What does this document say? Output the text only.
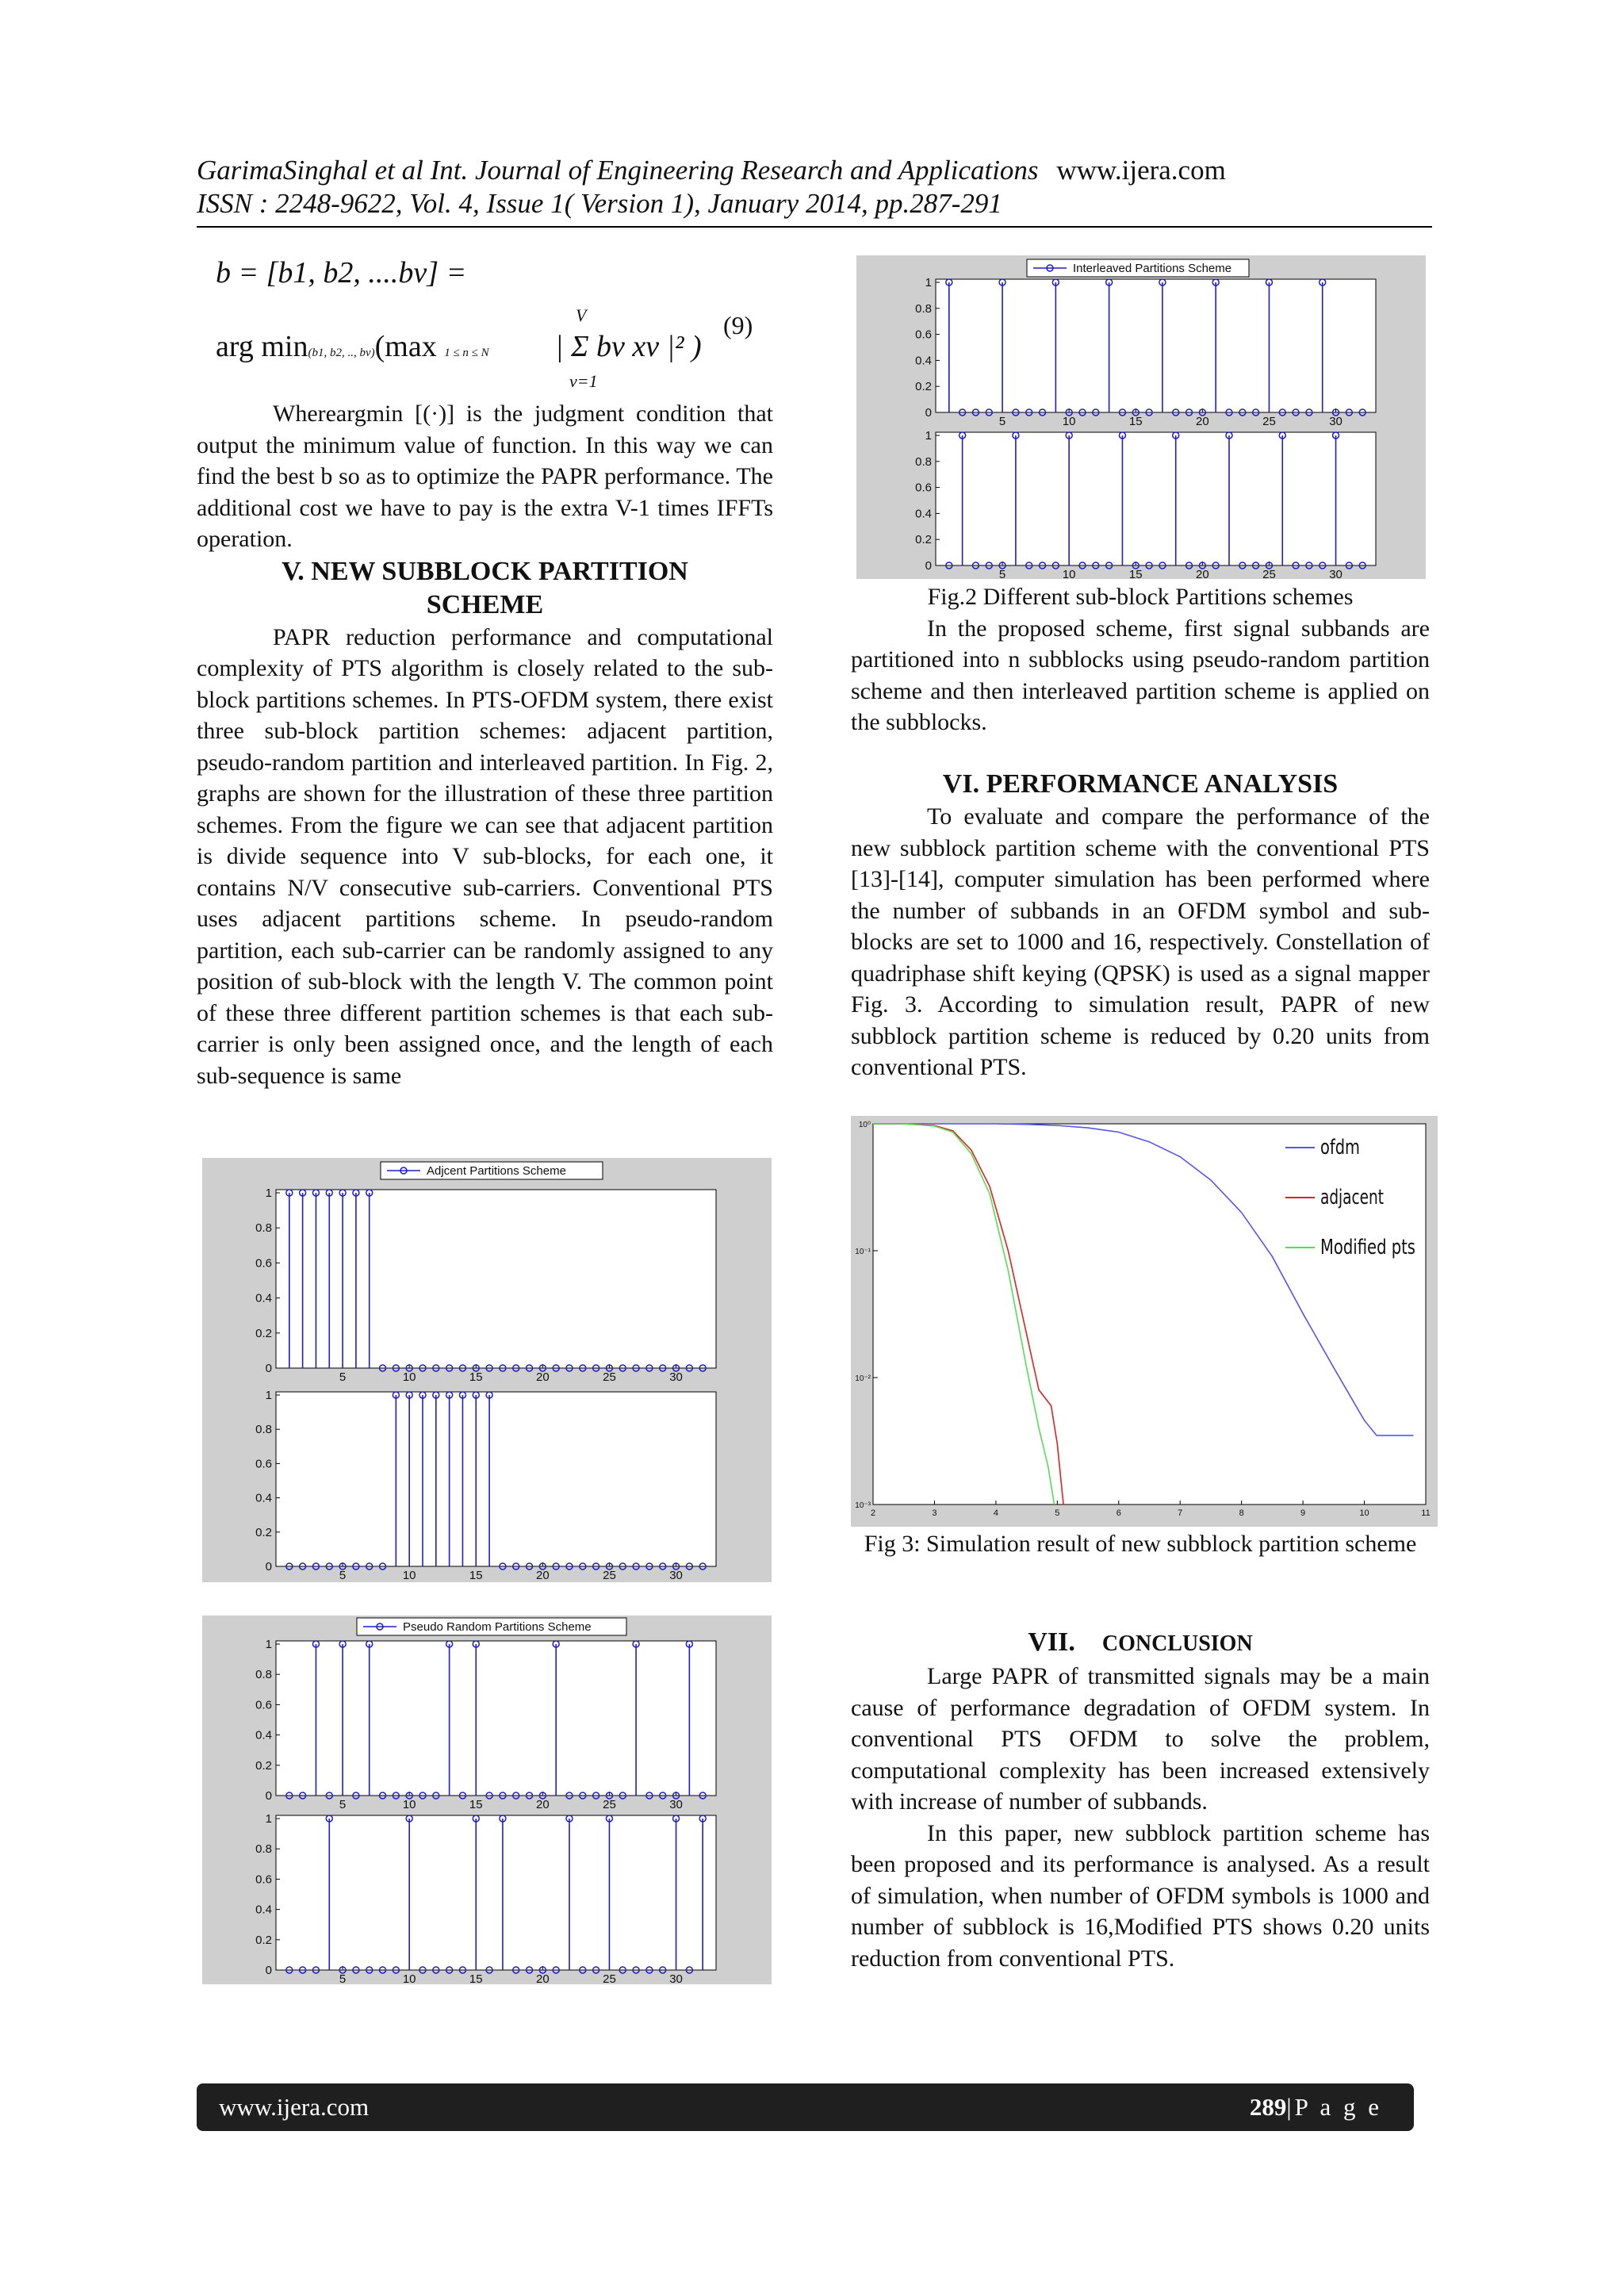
GarimaSinghal et al Int. Journal of Engineering Research and Applications www.ijera.com
ISSN : 2248-9622, Vol. 4, Issue 1( Version 1), January 2014, pp.287-291
b = [b1, b2, ....bv] =
arg min(b1, b2, .., bv)(max 1 ≤ n ≤ N
V
| Σ bv xv |² )
v=1
(9)

Whereargmin [(·)] is the judgment condition that output the minimum value of function. In this way we can find the best b so as to optimize the PAPR performance. The additional cost we have to pay is the extra V-1 times IFFTs operation.

V. NEW SUBBLOCK PARTITION SCHEME

PAPR reduction performance and computational complexity of PTS algorithm is closely related to the sub-block partitions schemes. In PTS-OFDM system, there exist three sub-block partition schemes: adjacent partition, pseudo-random partition and interleaved partition. In Fig. 2, graphs are shown for the illustration of these three partition schemes. From the figure we can see that adjacent partition is divide sequence into V sub-blocks, for each one, it contains N/V consecutive sub-carriers. Conventional PTS uses adjacent partitions scheme. In pseudo-random partition, each sub-carrier can be randomly assigned to any position of sub-block with the length V. The common point of these three different partition schemes is that each sub-carrier is only been assigned once, and the length of each sub-sequence is same

Fig.2 Different sub-block Partitions schemes

In the proposed scheme, first signal subbands are partitioned into n subblocks using pseudo-random partition scheme and then interleaved partition scheme is applied on the subblocks.

VI. PERFORMANCE ANALYSIS

To evaluate and compare the performance of the new subblock partition scheme with the conventional PTS [13]-[14], computer simulation has been performed where the number of subbands in an OFDM symbol and sub- blocks are set to 1000 and 16, respectively. Constellation of quadriphase shift keying (QPSK) is used as a signal mapper Fig. 3. According to simulation result, PAPR of new subblock partition scheme is reduced by 0.20 units from conventional PTS.

Fig 3: Simulation result of new subblock partition scheme

VII. CONCLUSION

Large PAPR of transmitted signals may be a main cause of performance degradation of OFDM system. In conventional PTS OFDM to solve the problem, computational complexity has been increased extensively with increase of number of subbands.

In this paper, new subblock partition scheme has been proposed and its performance is analysed. As a result of simulation, when number of OFDM symbols is 1000 and number of subblock is 16,Modified PTS shows 0.20 units reduction from conventional PTS.

Interleaved Partitions Scheme
0
0.2
0.4
0.6
0.8
1
5	10	15	20	25	30
0
0.2
0.4
0.6
0.8
1
5	10	15	20	25	30
Adjcent Partitions Scheme
0
0.2
0.4
0.6
0.8
1
5	10	15	20	25	30
0
0.2
0.4
0.6
0.8
1
5	10	15	20	25	30
Pseudo Random Partitions Scheme
0
0.2
0.4
0.6
0.8
1
5	10	15	20	25	30
0
0.2
0.4
0.6
0.8
1
5	10	15	20	25	30
2	3	4	5	6	7	8	9	10	11
10⁰
10⁻¹
10⁻²
10⁻³
ofdm
adjacent
Modified pts
www.ijera.com	289|P a g e
